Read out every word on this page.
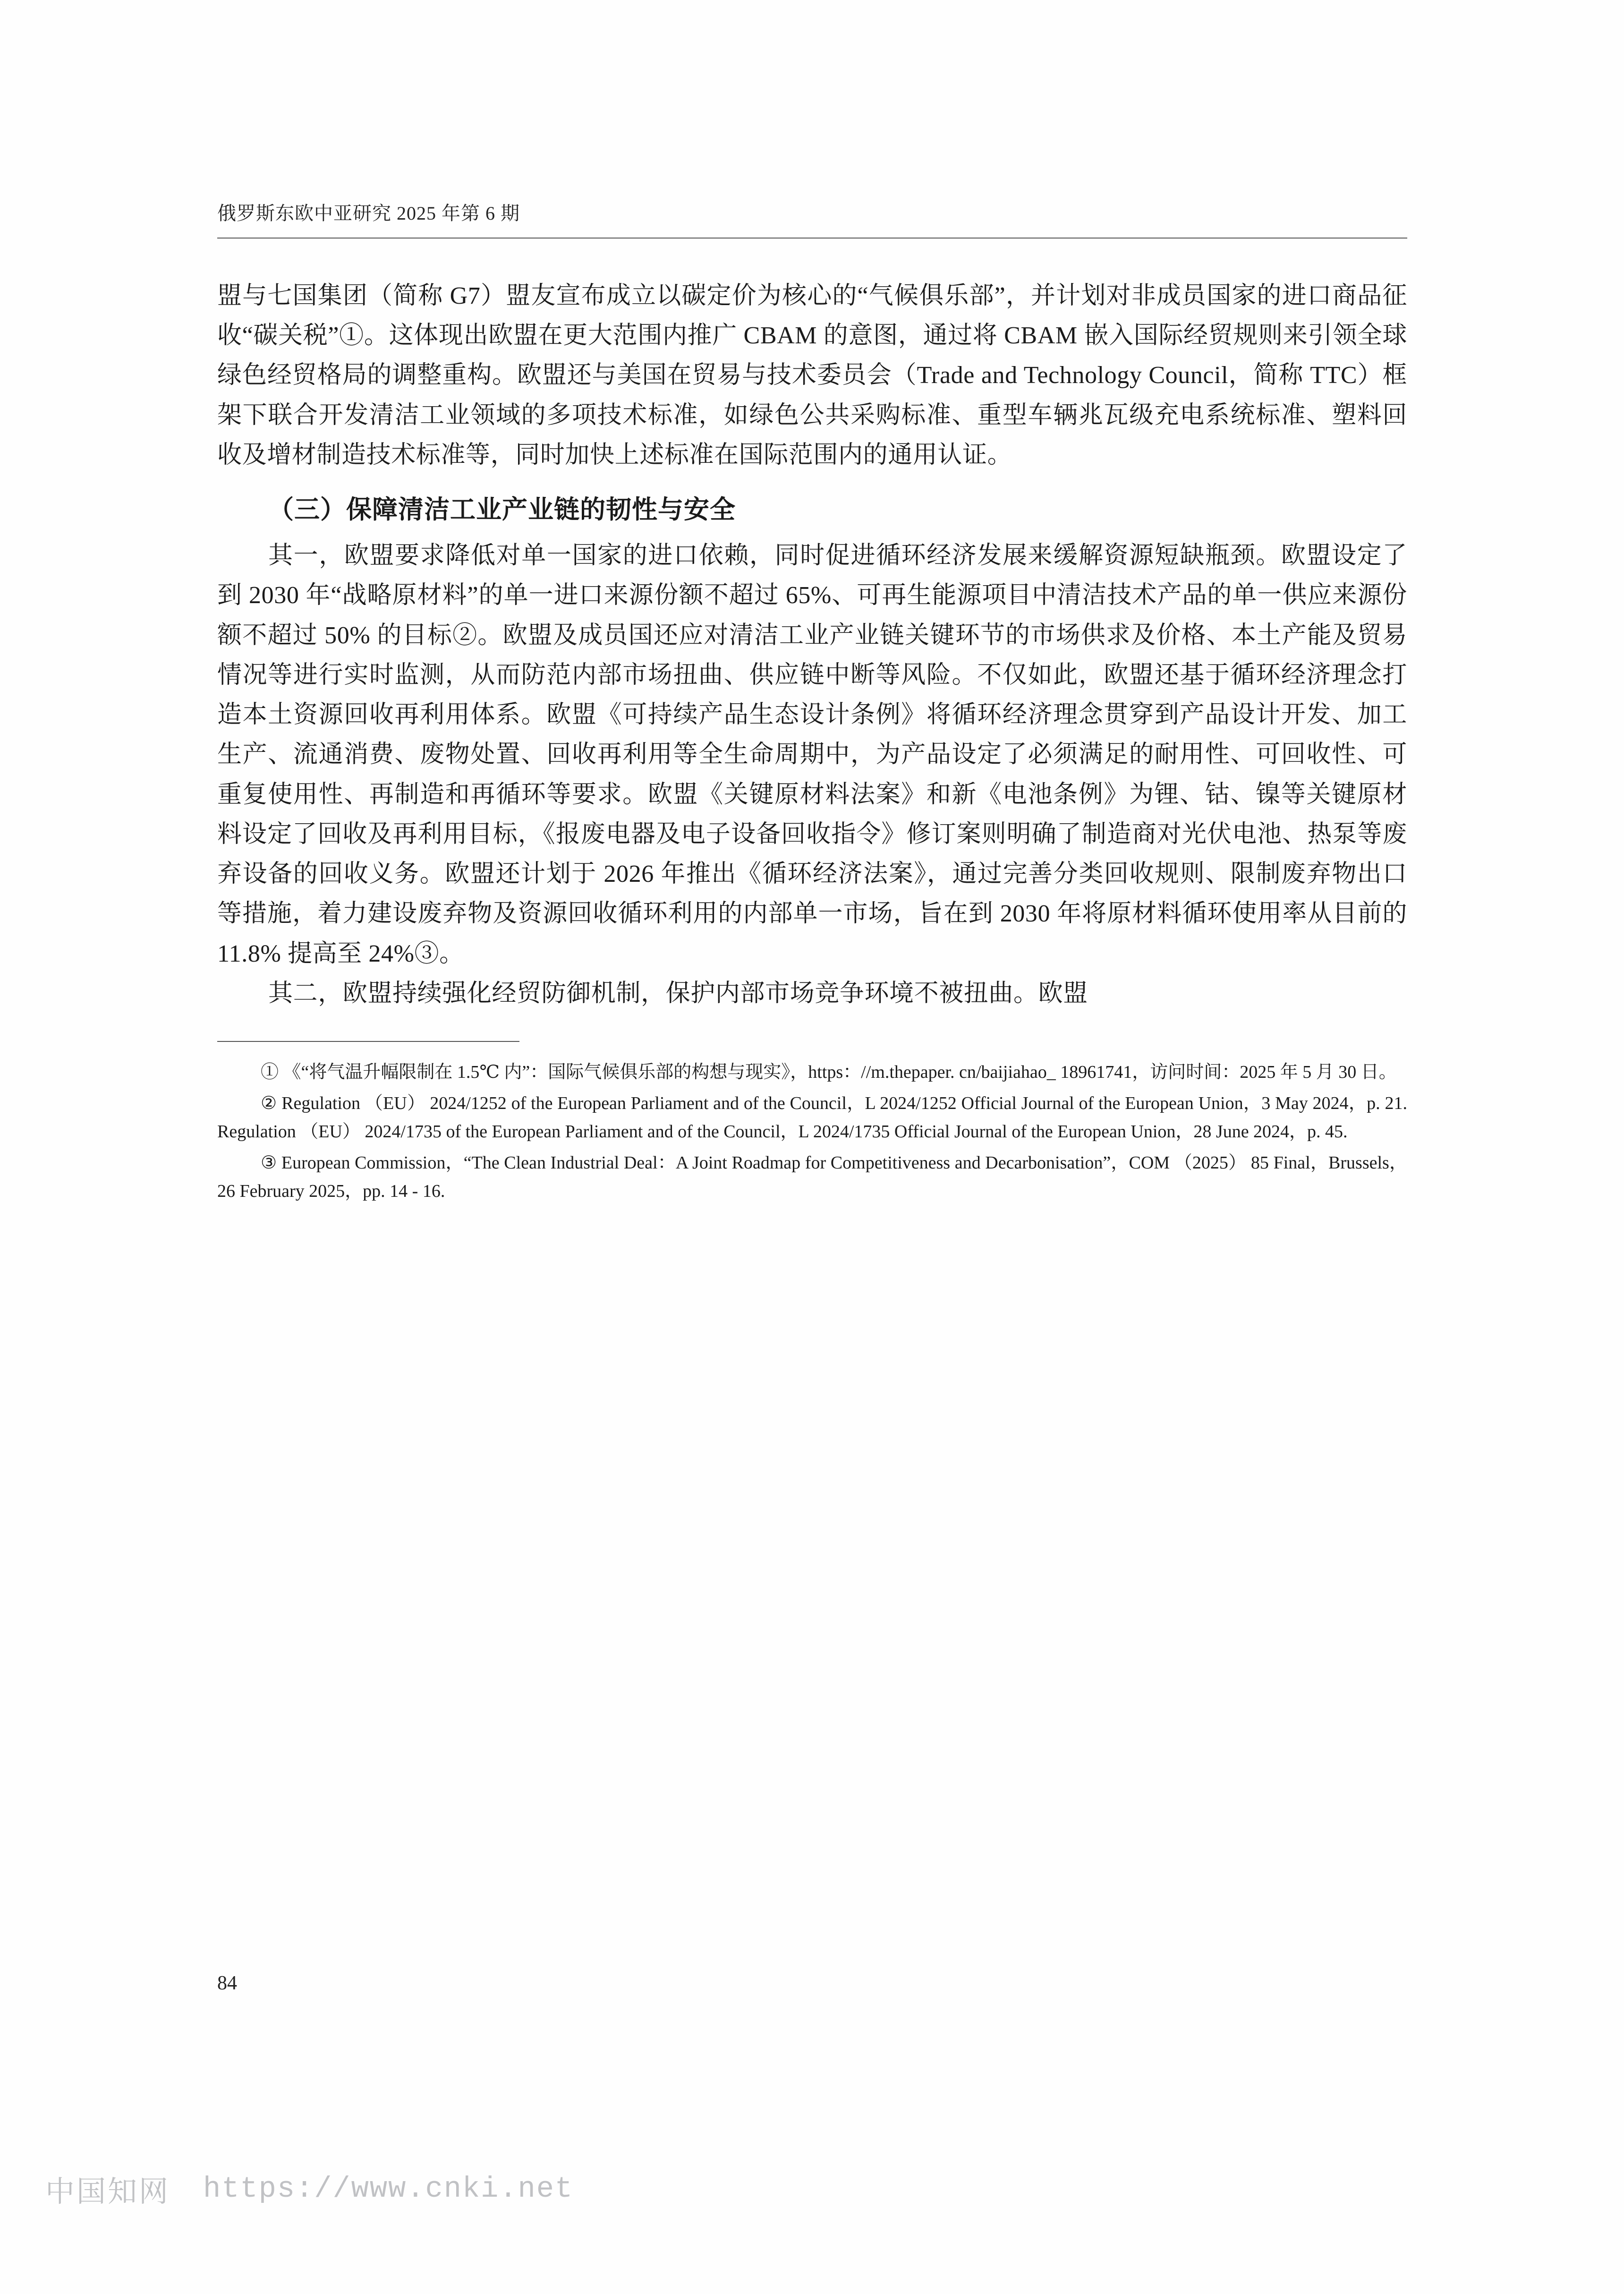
俄罗斯东欧中亚研究 2025 年第 6 期

盟与七国集团（简称 G7）盟友宣布成立以碳定价为核心的“气候俱乐部”，并计划对非成员国家的进口商品征收“碳关税”①。这体现出欧盟在更大范围内推广 CBAM 的意图，通过将 CBAM 嵌入国际经贸规则来引领全球绿色经贸格局的调整重构。欧盟还与美国在贸易与技术委员会（Trade and Technology Council，简称 TTC）框架下联合开发清洁工业领域的多项技术标准，如绿色公共采购标准、重型车辆兆瓦级充电系统标准、塑料回收及增材制造技术标准等，同时加快上述标准在国际范围内的通用认证。

（三）保障清洁工业产业链的韧性与安全

其一，欧盟要求降低对单一国家的进口依赖，同时促进循环经济发展来缓解资源短缺瓶颈。欧盟设定了到 2030 年“战略原材料”的单一进口来源份额不超过 65%、可再生能源项目中清洁技术产品的单一供应来源份额不超过 50% 的目标②。欧盟及成员国还应对清洁工业产业链关键环节的市场供求及价格、本土产能及贸易情况等进行实时监测，从而防范内部市场扭曲、供应链中断等风险。不仅如此，欧盟还基于循环经济理念打造本土资源回收再利用体系。欧盟《可持续产品生态设计条例》将循环经济理念贯穿到产品设计开发、加工生产、流通消费、废物处置、回收再利用等全生命周期中，为产品设定了必须满足的耐用性、可回收性、可重复使用性、再制造和再循环等要求。欧盟《关键原材料法案》和新《电池条例》为锂、钴、镍等关键原材料设定了回收及再利用目标，《报废电器及电子设备回收指令》修订案则明确了制造商对光伏电池、热泵等废弃设备的回收义务。欧盟还计划于 2026 年推出《循环经济法案》，通过完善分类回收规则、限制废弃物出口等措施，着力建设废弃物及资源回收循环利用的内部单一市场，旨在到 2030 年将原材料循环使用率从目前的 11.8% 提高至 24%③。

其二，欧盟持续强化经贸防御机制，保护内部市场竞争环境不被扭曲。欧盟

① 《“将气温升幅限制在 1.5℃ 内”：国际气候俱乐部的构想与现实》，https：//m.thepaper. cn/baijiahao_ 18961741，访问时间：2025 年 5 月 30 日。

② Regulation （EU） 2024/1252 of the European Parliament and of the Council，L 2024/1252 Official Journal of the European Union，3 May 2024，p. 21. Regulation （EU） 2024/1735 of the European Parliament and of the Council，L 2024/1735 Official Journal of the European Union，28 June 2024，p. 45.

③ European Commission，“The Clean Industrial Deal：A Joint Roadmap for Competitiveness and Decarbonisation”，COM （2025） 85 Final，Brussels，26 February 2025，pp. 14 - 16.

84
中国知网 https://www.cnki.net
